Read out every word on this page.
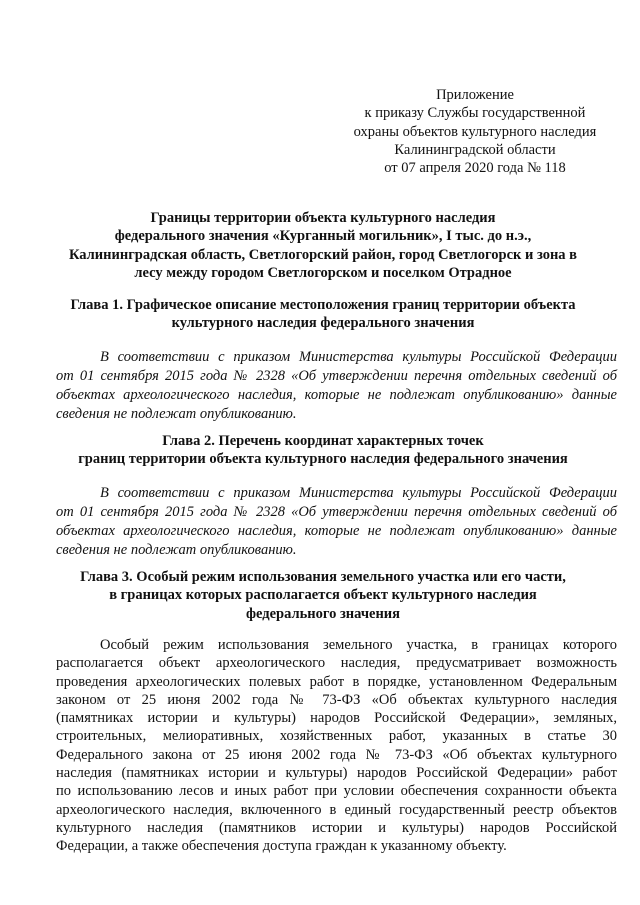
Приложение
к приказу Службы государственной
охраны объектов культурного наследия
Калининградской области
от 07 апреля 2020 года № 118
Границы территории объекта культурного наследия
федерального значения «Курганный могильник», I тыс. до н.э.,
Калининградская область, Светлогорский район, город Светлогорск и зона в
лесу между городом Светлогорском и поселком Отрадное
Глава 1. Графическое описание местоположения границ территории объекта
культурного наследия федерального значения
В соответствии с приказом Министерства культуры Российской Федерации
от 01 сентября 2015 года № 2328 «Об утверждении перечня отдельных сведений об
объектах археологического наследия, которые не подлежат опубликованию» данные
сведения не подлежат опубликованию.
Глава 2. Перечень координат характерных точек
границ территории объекта культурного наследия федерального значения
В соответствии с приказом Министерства культуры Российской Федерации
от 01 сентября 2015 года № 2328 «Об утверждении перечня отдельных сведений об
объектах археологического наследия, которые не подлежат опубликованию» данные
сведения не подлежат опубликованию.
Глава 3. Особый режим использования земельного участка или его части,
в границах которых располагается объект культурного наследия
федерального значения
Особый режим использования земельного участка, в границах которого
располагается объект археологического наследия, предусматривает возможность
проведения археологических полевых работ в порядке, установленном Федеральным
законом от 25 июня 2002 года № 73-ФЗ «Об объектах культурного наследия
(памятниках истории и культуры) народов Российской Федерации», земляных,
строительных, мелиоративных, хозяйственных работ, указанных в статье 30
Федерального закона от 25 июня 2002 года № 73-ФЗ «Об объектах культурного
наследия (памятниках истории и культуры) народов Российской Федерации» работ
по использованию лесов и иных работ при условии обеспечения сохранности объекта
археологического наследия, включенного в единый государственный реестр объектов
культурного наследия (памятников истории и культуры) народов Российской
Федерации, а также обеспечения доступа граждан к указанному объекту.
